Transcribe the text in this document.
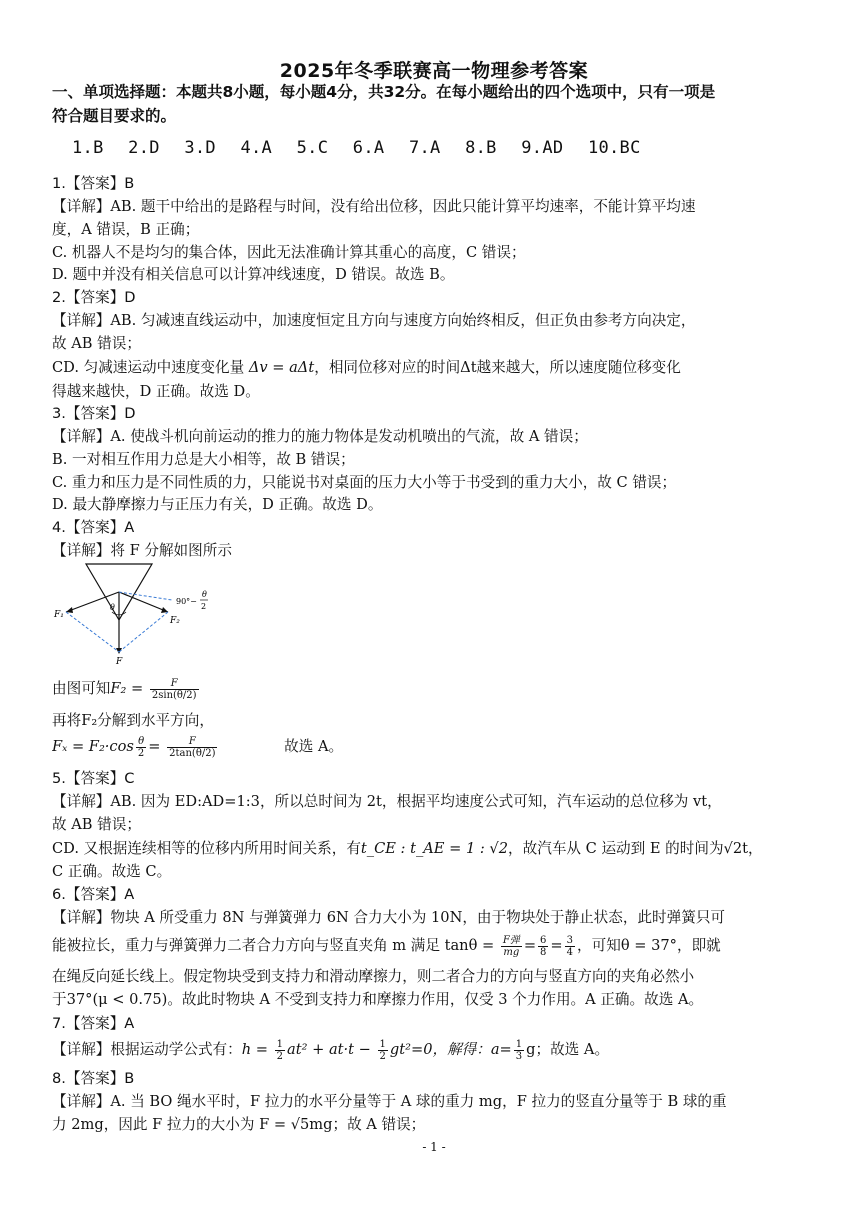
2025年冬季联赛高一物理参考答案
一、单项选择题：本题共8小题，每小题4分，共32分。在每小题给出的四个选项中，只有一项是
符合题目要求的。
1.B 2.D 3.D 4.A 5.C 6.A 7.A 8.B 9.AD 10.BC
1.【答案】B
【详解】AB. 题干中给出的是路程与时间，没有给出位移，因此只能计算平均速率，不能计算平均速
度，A 错误，B 正确；
C. 机器人不是均匀的集合体，因此无法准确计算其重心的高度，C 错误；
D. 题中并没有相关信息可以计算冲线速度，D 错误。故选 B。
2.【答案】D
【详解】AB. 匀减速直线运动中，加速度恒定且方向与速度方向始终相反，但正负由参考方向决定，
故 AB 错误；
CD. 匀减速运动中速度变化量 Δv = aΔt，相同位移对应的时间Δt越来越大，所以速度随位移变化
得越来越快，D 正确。故选 D。
3.【答案】D
【详解】A. 使战斗机向前运动的推力的施力物体是发动机喷出的气流，故 A 错误；
B. 一对相互作用力总是大小相等，故 B 错误；
C. 重力和压力是不同性质的力，只能说书对桌面的压力大小等于书受到的重力大小，故 C 错误；
D. 最大静摩擦力与正压力有关，D 正确。故选 D。
4.【答案】A
【详解】将 F 分解如图所示
F₁
F₂
F
θ
90°−
θ
2
由图可知$F_2 = \frac{F}{2\sin(\theta/2)}$
再将F₂分解到水平方向，
$F_x = F_2\cdot\cos \frac{\theta}{2} = \frac{F}{2\tan(\theta/2)}$	故选 A。
5.【答案】C
【详解】AB. 因为 ED:AD=1:3，所以总时间为 2t，根据平均速度公式可知，汽车运动的总位移为 vt，
故 AB 错误；
CD. 又根据连续相等的位移内所用时间关系，有t_CE : t_AE = 1 : √2，故汽车从 C 运动到 E 的时间为√2t，
C 正确。故选 C。
6.【答案】A
【详解】物块 A 所受重力 8N 与弹簧弹力 6N 合力大小为 10N，由于物块处于静止状态，此时弹簧只可
能被拉长，重力与弹簧弹力二者合力方向与竖直夹角 m 满足 $\tan\theta = \frac{\text{F弹}}{mg} = \frac{6}{8} = \frac{3}{4}$ ，可知θ = 37°，即就
在绳反向延长线上。假定物块受到支持力和滑动摩擦力，则二者合力的方向与竖直方向的夹角必然小
于37°(μ < 0.75)。故此时物块 A 不受到支持力和摩擦力作用，仅受 3 个力作用。A 正确。故选 A。
7.【答案】A
【详解】根据运动学公式有：$h = \frac{1}{2} at^2 + at\cdot t - \frac{1}{2} gt^2=0$，解得：$a= \frac{1}{3}$ g；故选 A。
8.【答案】B
【详解】A. 当 BO 绳水平时，F 拉力的水平分量等于 A 球的重力 mg，F 拉力的竖直分量等于 B 球的重
力 2mg，因此 F 拉力的大小为 F = √5mg；故 A 错误；
- 1 -
